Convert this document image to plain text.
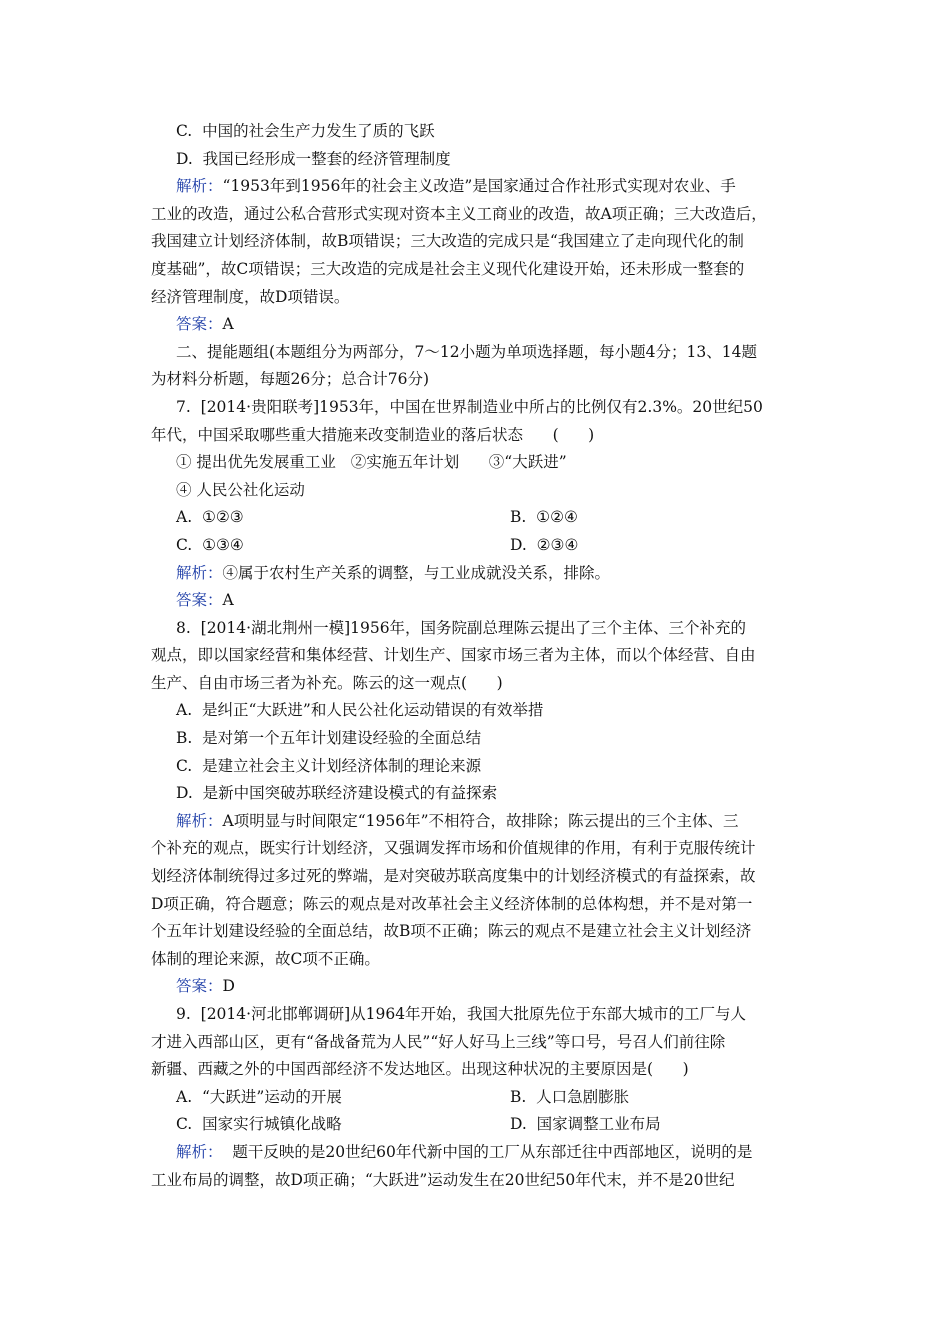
C.  中国的社会生产力发生了质的飞跃
D.  我国已经形成一整套的经济管理制度
解析：“1953年到1956年的社会主义改造”是国家通过合作社形式实现对农业、手
工业的改造，通过公私合营形式实现对资本主义工商业的改造，故A项正确；三大改造后，
我国建立计划经济体制，故B项错误；三大改造的完成只是“我国建立了走向现代化的制
度基础”，故C项错误；三大改造的完成是社会主义现代化建设开始，还未形成一整套的
经济管理制度，故D项错误。
答案：A
二、提能题组(本题组分为两部分，7～12小题为单项选择题，每小题4分；13、14题
为材料分析题，每题26分；总合计76分)
7.  [2014·贵阳联考]1953年，中国在世界制造业中所占的比例仅有2.3%。20世纪50
年代，中国采取哪些重大措施来改变制造业的落后状态      (      )
① 提出优先发展重工业   ②实施五年计划      ③“大跃进”
④ 人民公社化运动
A.  ①②③	B.  ①②④
C.  ①③④	D.  ②③④
解析：④属于农村生产关系的调整，与工业成就没关系，排除。
答案：A
8.  [2014·湖北荆州一模]1956年，国务院副总理陈云提出了三个主体、三个补充的
观点，即以国家经营和集体经营、计划生产、国家市场三者为主体，而以个体经营、自由
生产、自由市场三者为补充。陈云的这一观点(      )
A.  是纠正“大跃进”和人民公社化运动错误的有效举措
B.  是对第一个五年计划建设经验的全面总结
C.  是建立社会主义计划经济体制的理论来源
D.  是新中国突破苏联经济建设模式的有益探索
解析：A项明显与时间限定“1956年”不相符合，故排除；陈云提出的三个主体、三
个补充的观点，既实行计划经济，又强调发挥市场和价值规律的作用，有利于克服传统计
划经济体制统得过多过死的弊端，是对突破苏联高度集中的计划经济模式的有益探索，故
D项正确，符合题意；陈云的观点是对改革社会主义经济体制的总体构想，并不是对第一
个五年计划建设经验的全面总结，故B项不正确；陈云的观点不是建立社会主义计划经济
体制的理论来源，故C项不正确。
答案：D
9.  [2014·河北邯郸调研]从1964年开始，我国大批原先位于东部大城市的工厂与人
才进入西部山区，更有“备战备荒为人民”“好人好马上三线”等口号，号召人们前往除
新疆、西藏之外的中国西部经济不发达地区。出现这种状况的主要原因是(      )
A.  “大跃进”运动的开展	B.  人口急剧膨胀
C.  国家实行城镇化战略	D.  国家调整工业布局
解析：  题干反映的是20世纪60年代新中国的工厂从东部迁往中西部地区，说明的是
工业布局的调整，故D项正确；“大跃进”运动发生在20世纪50年代末，并不是20世纪
